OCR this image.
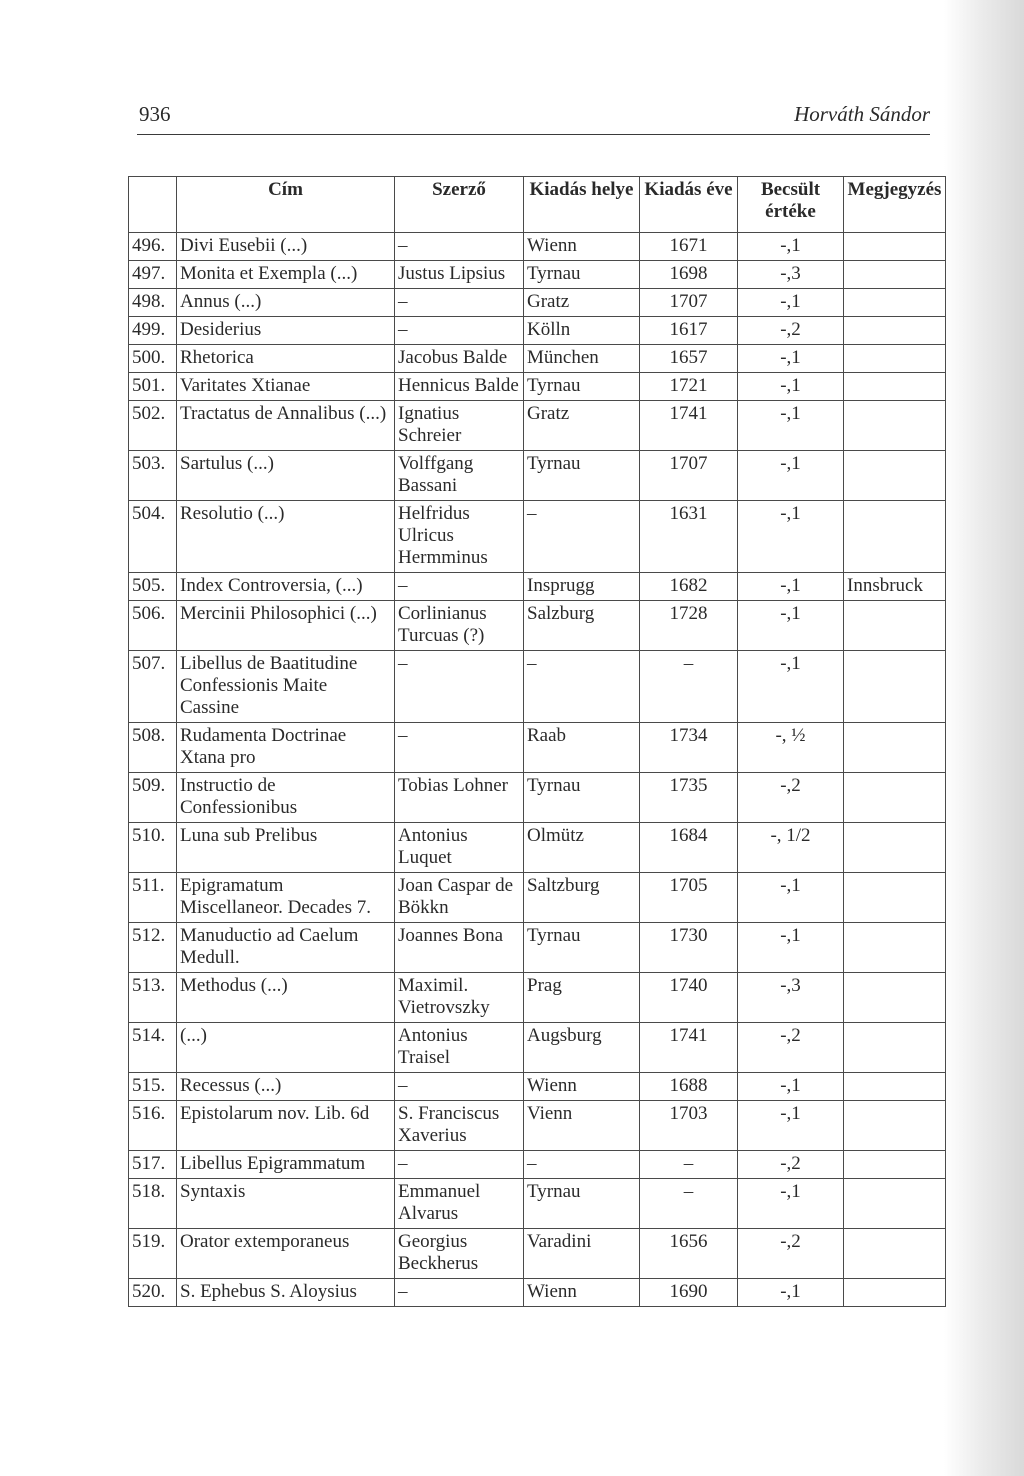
936	Horváth Sándor
	Cím	Szerző	Kiadás helye	Kiadás éve	Becsült értéke	Megjegyzés
496.	Divi Eusebii (...)	–	Wienn	1671	-,1	
497.	Monita et Exempla (...)	Justus Lipsius	Tyrnau	1698	-,3	
498.	Annus (...)	–	Gratz	1707	-,1	
499.	Desiderius	–	Kölln	1617	-,2	
500.	Rhetorica	Jacobus Balde	München	1657	-,1	
501.	Varitates Xtianae	Hennicus Balde	Tyrnau	1721	-,1	
502.	Tractatus de Annalibus (...)	Ignatius Schreier	Gratz	1741	-,1	
503.	Sartulus (...)	Volffgang Bassani	Tyrnau	1707	-,1	
504.	Resolutio (...)	Helfridus Ulricus Hermminus	–	1631	-,1	
505.	Index Controversia, (...)	–	Insprugg	1682	-,1	Innsbruck
506.	Mercinii Philosophici (...)	Corlinianus Turcuas (?)	Salzburg	1728	-,1	
507.	Libellus de Baatitudine Confessionis Maite Cassine	–	–	–	-,1	
508.	Rudamenta Doctrinae Xtana pro	–	Raab	1734	-, ½	
509.	Instructio de Confessionibus	Tobias Lohner	Tyrnau	1735	-,2	
510.	Luna sub Prelibus	Antonius Luquet	Olmütz	1684	-, 1/2	
511.	Epigramatum Miscellaneor. Decades 7.	Joan Caspar de Bökkn	Saltzburg	1705	-,1	
512.	Manuductio ad Caelum Medull.	Joannes Bona	Tyrnau	1730	-,1	
513.	Methodus (...)	Maximil. Vietrovszky	Prag	1740	-,3	
514.	(...)	Antonius Traisel	Augsburg	1741	-,2	
515.	Recessus (...)	–	Wienn	1688	-,1	
516.	Epistolarum nov. Lib. 6d	S. Franciscus Xaverius	Vienn	1703	-,1	
517.	Libellus Epigrammatum	–	–	–	-,2	
518.	Syntaxis	Emmanuel Alvarus	Tyrnau	–	-,1	
519.	Orator extemporaneus	Georgius Beckherus	Varadini	1656	-,2	
520.	S. Ephebus S. Aloysius	–	Wienn	1690	-,1	
